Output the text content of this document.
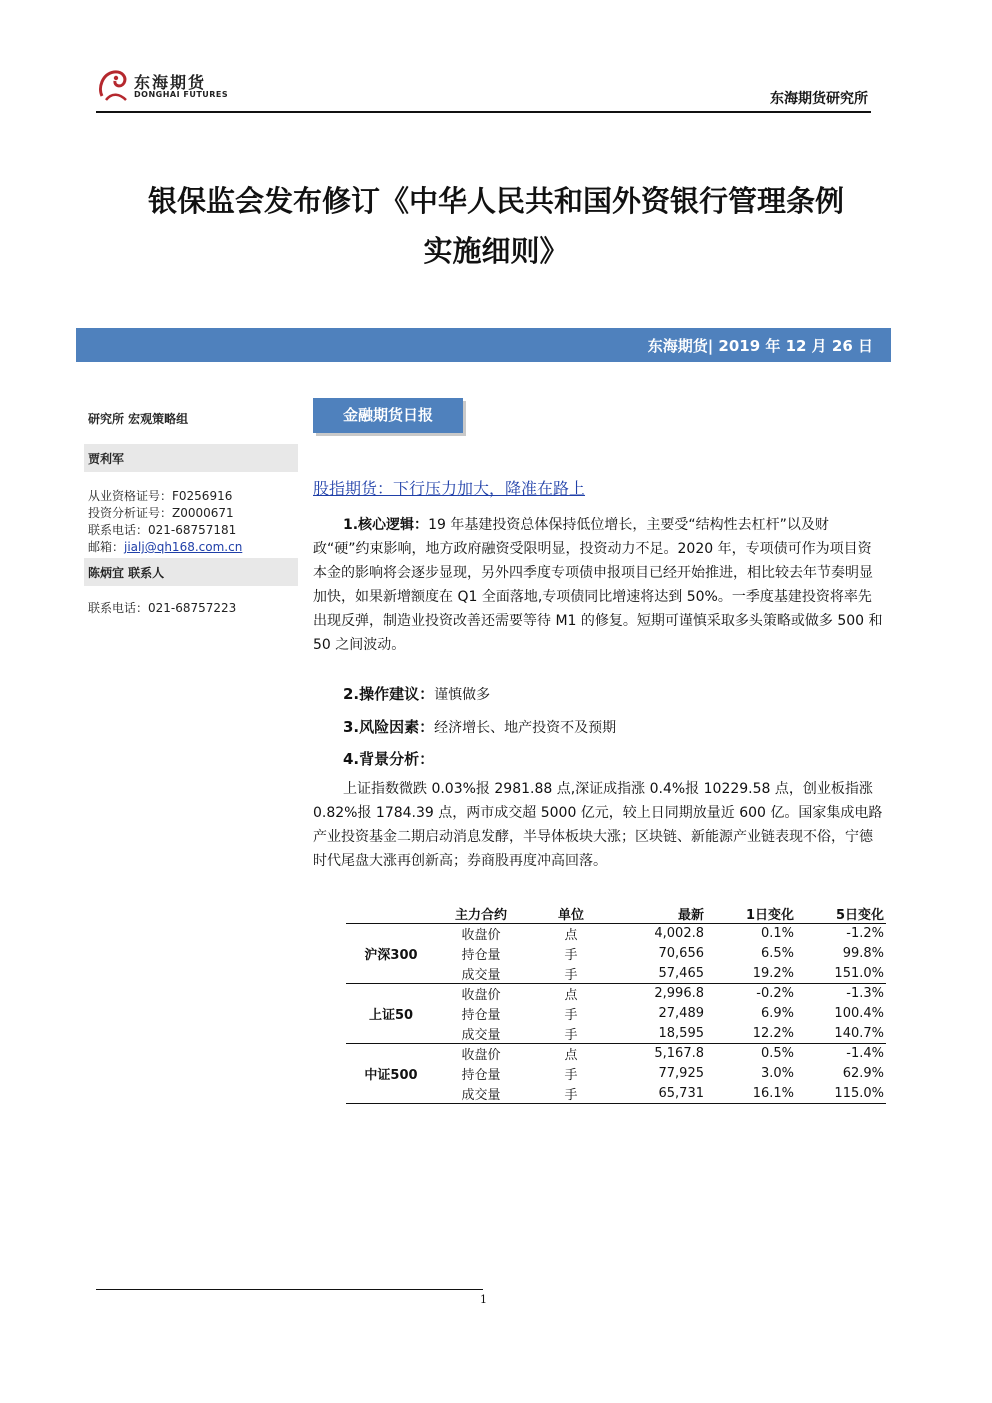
东海期货
DONGHAI FUTURES	东海期货研究所
银保监会发布修订《中华人民共和国外资银行管理条例
实施细则》
东海期货| 2019 年 12 月 26 日
研究所 宏观策略组
贾利军
从业资格证号：F0256916
投资分析证号：Z0000671
联系电话：021-68757181
邮箱：jialj@qh168.com.cn
陈炳宜 联系人
联系电话：021-68757223
金融期货日报
股指期货：下行压力加大，降准在路上
1.核心逻辑：19 年基建投资总体保持低位增长，主要受“结构性去杠杆”以及财政“硬”约束影响，地方政府融资受限明显，投资动力不足。2020 年，专项债可作为项目资本金的影响将会逐步显现，另外四季度专项债申报项目已经开始推进，相比较去年节奏明显加快，如果新增额度在 Q1 全面落地,专项债同比增速将达到 50%。一季度基建投资将率先出现反弹，制造业投资改善还需要等待 M1 的修复。短期可谨慎采取多头策略或做多 500 和 50 之间波动。
2.操作建议：谨慎做多
3.风险因素：经济增长、地产投资不及预期
4.背景分析：
上证指数微跌 0.03%报 2981.88 点,深证成指涨 0.4%报 10229.58 点，创业板指涨 0.82%报 1784.39 点，两市成交超 5000 亿元，较上日同期放量近 600 亿。国家集成电路产业投资基金二期启动消息发酵，半导体板块大涨；区块链、新能源产业链表现不俗，宁德时代尾盘大涨再创新高；券商股再度冲高回落。
	主力合约	单位	最新	1日变化	5日变化
沪深300	收盘价	点	4,002.8	0.1%	-1.2%
	持仓量	手	70,656	6.5%	99.8%
	成交量	手	57,465	19.2%	151.0%
上证50	收盘价	点	2,996.8	-0.2%	-1.3%
	持仓量	手	27,489	6.9%	100.4%
	成交量	手	18,595	12.2%	140.7%
中证500	收盘价	点	5,167.8	0.5%	-1.4%
	持仓量	手	77,925	3.0%	62.9%
	成交量	手	65,731	16.1%	115.0%
1
